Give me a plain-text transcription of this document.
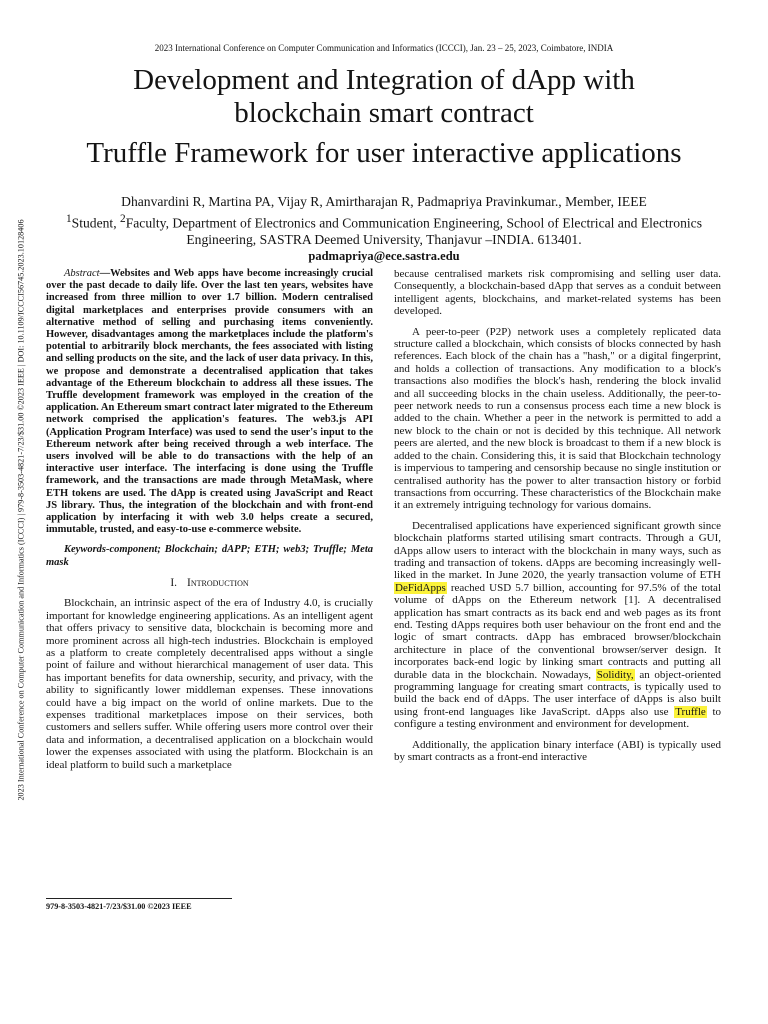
2023 International Conference on Computer Communication and Informatics (ICCCI) | 979-8-3503-4821-7/23/$31.00 ©2023 IEEE | DOI: 10.1109/ICCCI56745.2023.10128406
2023 International Conference on Computer Communication and Informatics (ICCCI), Jan. 23 – 25, 2023, Coimbatore, INDIA
Development and Integration of dApp with
blockchain smart contract
Truffle Framework for user interactive applications
Dhanvardini R, Martina PA, Vijay R, Amirtharajan R, Padmapriya Pravinkumar., Member, IEEE
$^1$Student, $^2$Faculty, Department of Electronics and Communication Engineering, School of Electrical and Electronics
Engineering, SASTRA Deemed University, Thanjavur –INDIA. 613401.
padmapriya@ece.sastra.edu

Abstract—Websites and Web apps have become increasingly crucial over the past decade to daily life. Over the last ten years, websites have increased from three million to over 1.7 billion. Modern centralised digital marketplaces and enterprises provide consumers with an alternative method of selling and purchasing items conveniently. However, disadvantages among the marketplaces include the platform's potential to arbitrarily block merchants, the fees associated with listing and selling products on the site, and the lack of user data privacy. In this, we propose and demonstrate a decentralised application that takes advantage of the Ethereum blockchain to address all these issues. The Truffle development framework was employed in the creation of the application. An Ethereum smart contract later migrated to the Ethereum network comprised the application's features. The web3.js API (Application Program Interface) was used to send the user's input to the Ethereum network after being received through a web interface. The users involved will be able to do transactions with the help of an interactive user interface. The interfacing is done using the Truffle framework, and the transactions are made through MetaMask, where ETH tokens are used. The dApp is created using JavaScript and React JS library. Thus, the integration of the blockchain and with front-end application by interfacing it with web 3.0 helps create a secured, immutable, trusted, and easy-to-use e-commerce website.

Keywords-component; Blockchain; dAPP; ETH; web3; Truffle; Meta mask

I. Introduction

Blockchain, an intrinsic aspect of the era of Industry 4.0, is crucially important for knowledge engineering applications. As an intelligent agent that offers privacy to sensitive data, blockchain is becoming more and more prominent across all high-tech industries. Blockchain is employed as a platform to create completely decentralised apps without a single point of failure and without hierarchical management of user data. This has important benefits for data ownership, security, and privacy, with the ability to significantly lower middleman expenses. These innovations could have a big impact on the world of online markets. Due to the expenses traditional marketplaces impose on their services, both customers and sellers suffer. While offering users more control over their data and information, a decentralised application on a blockchain would lower the expenses associated with using the platform. Blockchain is an ideal platform to build such a marketplace

because centralised markets risk compromising and selling user data. Consequently, a blockchain-based dApp that serves as a conduit between intelligent agents, blockchains, and market-related systems has been developed.

A peer-to-peer (P2P) network uses a completely replicated data structure called a blockchain, which consists of blocks connected by hash references. Each block of the chain has a "hash," or a digital fingerprint, and holds a collection of transactions. Any modification to a block's transactions also modifies the block's hash, rendering the block invalid and all succeeding blocks in the chain useless. Additionally, the peer-to-peer network needs to run a consensus process each time a new block is added to the chain. Whether a peer in the network is permitted to add a new block to the chain or not is decided by this technique. All network peers are alerted, and the new block is broadcast to them if a new block is added to the chain. Considering this, it is said that Blockchain technology is impervious to tampering and censorship because no single institution or centralised authority has the power to alter transaction history or forbid transactions from occurring. These characteristics of the Blockchain make it an extremely intriguing technology for various domains.

Decentralised applications have experienced significant growth since blockchain platforms started utilising smart contracts. Through a GUI, dApps allow users to interact with the blockchain in many ways, such as trading and transaction of tokens. dApps are becoming increasingly well-liked in the market. In June 2020, the yearly transaction volume of ETH DeFidApps reached USD 5.7 billion, accounting for 97.5% of the total volume of dApps on the Ethereum network [1]. A decentralised application has smart contracts as its back end and web pages as its front end. Testing dApps requires both user behaviour on the front end and the logic of smart contracts. dApp has embraced browser/blockchain architecture in place of the conventional browser/server design. It incorporates back-end logic by linking smart contracts and putting all durable data in the blockchain. Nowadays, Solidity, an object-oriented programming language for creating smart contracts, is typically used to build the back end of dApps. The user interface of dApps is also built using front-end languages like JavaScript. dApps also use Truffle to configure a testing environment and environment for development.

Additionally, the application binary interface (ABI) is typically used by smart contracts as a front-end interactive

979-8-3503-4821-7/23/$31.00 ©2023 IEEE
